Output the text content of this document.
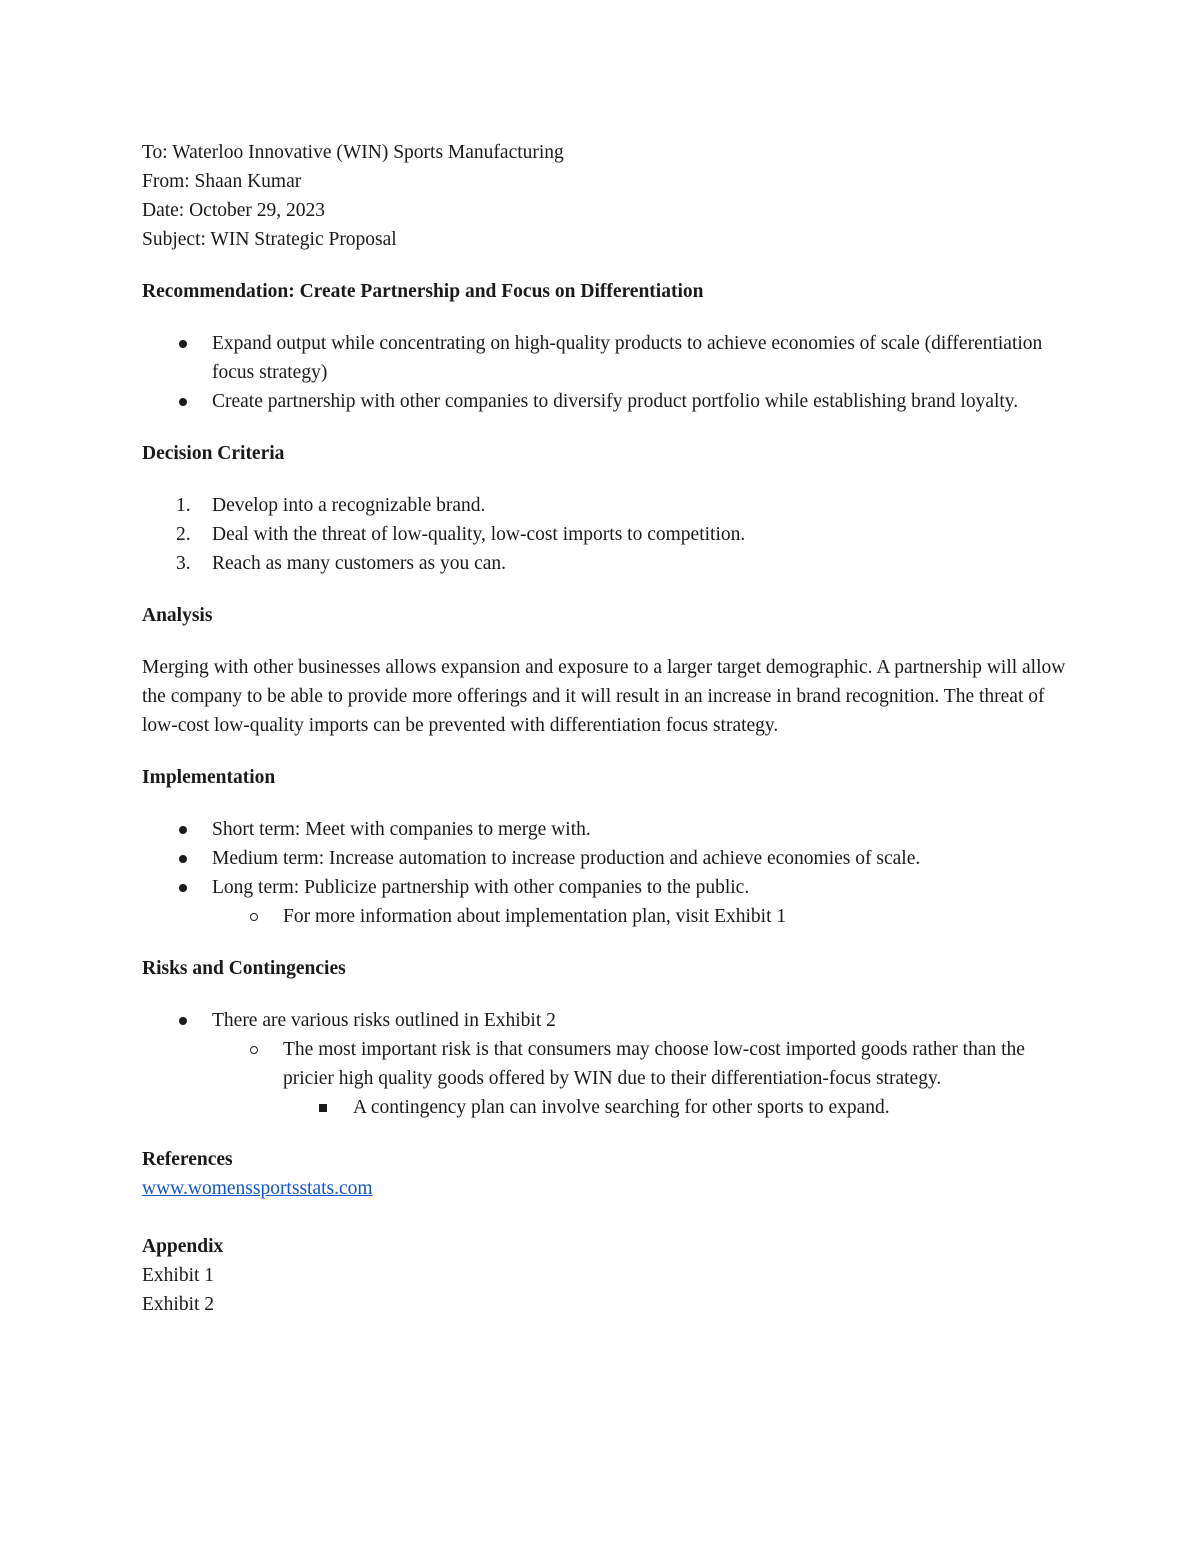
To: Waterloo Innovative (WIN) Sports Manufacturing

From: Shaan Kumar

Date: October 29, 2023

Subject: WIN Strategic Proposal

Recommendation: Create Partnership and Focus on Differentiation

Expand output while concentrating on high-quality products to achieve economies of scale (differentiation focus strategy)
Create partnership with other companies to diversify product portfolio while establishing brand loyalty.

Decision Criteria

1. Develop into a recognizable brand.
2. Deal with the threat of low-quality, low-cost imports to competition.
3. Reach as many customers as you can.

Analysis

Merging with other businesses allows expansion and exposure to a larger target demographic. A partnership will allow the company to be able to provide more offerings and it will result in an increase in brand recognition. The threat of low-cost low-quality imports can be prevented with differentiation focus strategy.

Implementation

Short term: Meet with companies to merge with.
Medium term: Increase automation to increase production and achieve economies of scale.
Long term: Publicize partnership with other companies to the public.
For more information about implementation plan, visit Exhibit 1

Risks and Contingencies

There are various risks outlined in Exhibit 2
The most important risk is that consumers may choose low-cost imported goods rather than the pricier high quality goods offered by WIN due to their differentiation-focus strategy.
A contingency plan can involve searching for other sports to expand.

References

www.womenssportsstats.com

Appendix

Exhibit 1

Exhibit 2
